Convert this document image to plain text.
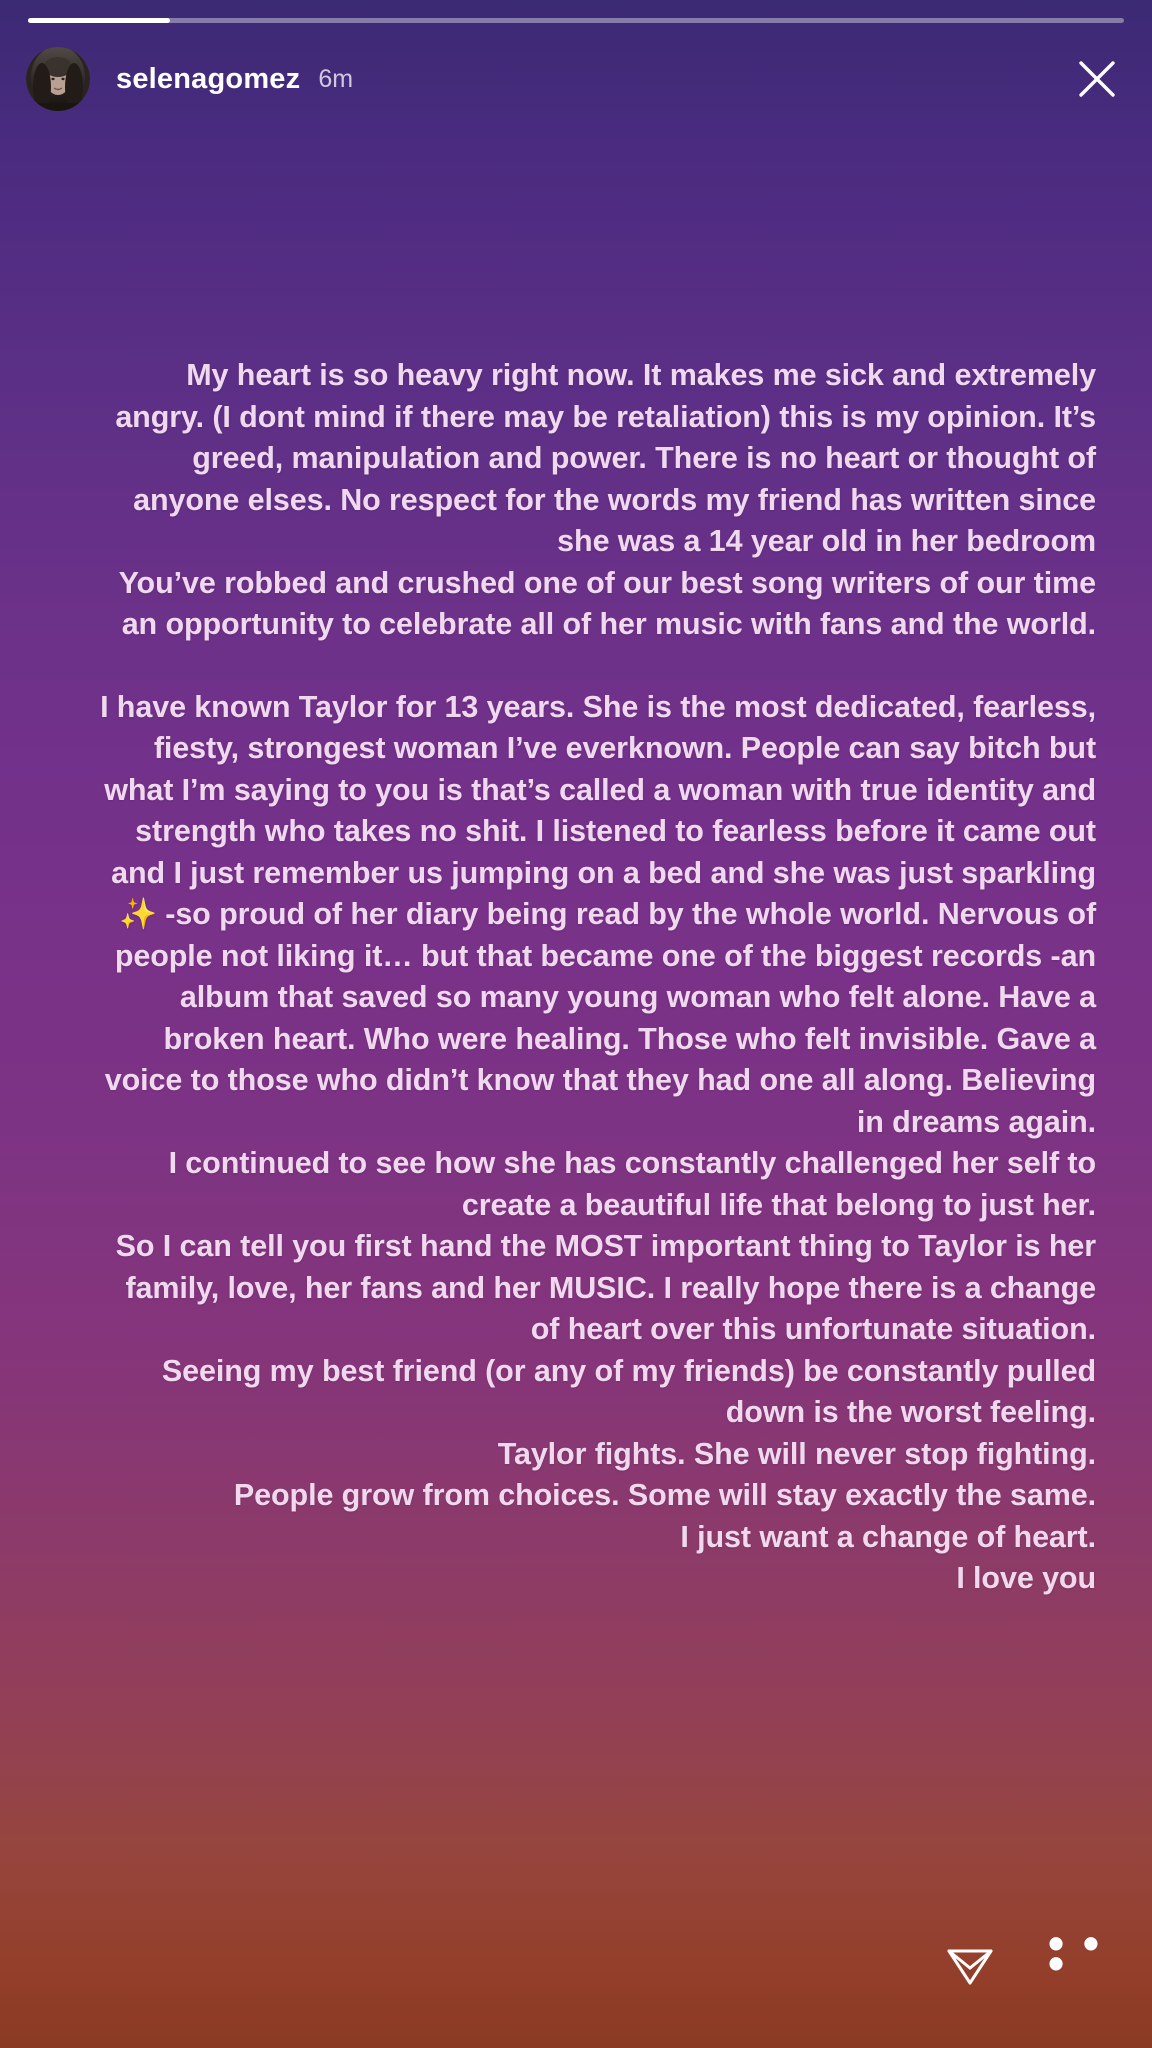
selenagomez 6m

My heart is so heavy right now. It makes me sick and extremely angry. (I dont mind if there may be retaliation) this is my opinion. It’s greed, manipulation and power. There is no heart or thought of anyone elses. No respect for the words my friend has written since she was a 14 year old in her bedroom

You’ve robbed and crushed one of our best song writers of our time an opportunity to celebrate all of her music with fans and the world.

I have known Taylor for 13 years. She is the most dedicated, fearless, fiesty, strongest woman I’ve everknown. People can say bitch but what I’m saying to you is that’s called a woman with true identity and strength who takes no shit. I listened to fearless before it came out and I just remember us jumping on a bed and she was just sparkling ✨ -so proud of her diary being read by the whole world. Nervous of people not liking it… but that became one of the biggest records -an album that saved so many young woman who felt alone. Have a broken heart. Who were healing. Those who felt invisible. Gave a voice to those who didn’t know that they had one all along. Believing in dreams again.

I continued to see how she has constantly challenged her self to create a beautiful life that belong to just her.

So I can tell you first hand the MOST important thing to Taylor is her family, love, her fans and her MUSIC. I really hope there is a change of heart over this unfortunate situation.

Seeing my best friend (or any of my friends) be constantly pulled down is the worst feeling.

Taylor fights. She will never stop fighting.

People grow from choices. Some will stay exactly the same.

I just want a change of heart.

I love you

• • •
